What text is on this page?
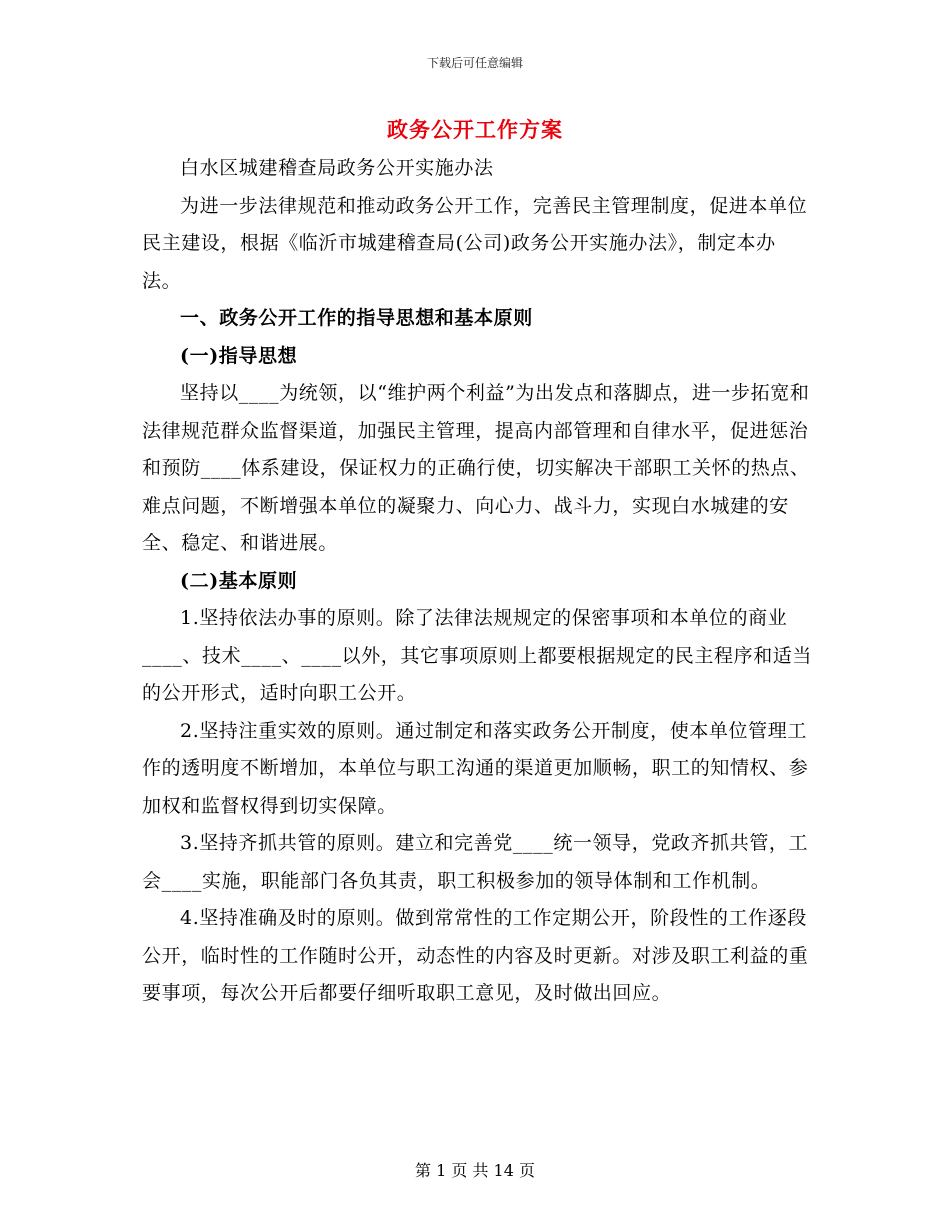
下载后可任意编辑
政务公开工作方案

白水区城建稽查局政务公开实施办法

为进一步法律规范和推动政务公开工作，完善民主管理制度，促进本单位民主建设，根据《临沂市城建稽查局(公司)政务公开实施办法》，制定本办法。

一、政务公开工作的指导思想和基本原则

(一)指导思想

坚持以____为统领，以“维护两个利益”为出发点和落脚点，进一步拓宽和法律规范群众监督渠道，加强民主管理，提高内部管理和自律水平，促进惩治和预防____体系建设，保证权力的正确行使，切实解决干部职工关怀的热点、难点问题，不断增强本单位的凝聚力、向心力、战斗力，实现白水城建的安全、稳定、和谐进展。

(二)基本原则

1.坚持依法办事的原则。除了法律法规规定的保密事项和本单位的商业____、技术____、____以外，其它事项原则上都要根据规定的民主程序和适当的公开形式，适时向职工公开。

2.坚持注重实效的原则。通过制定和落实政务公开制度，使本单位管理工作的透明度不断增加，本单位与职工沟通的渠道更加顺畅，职工的知情权、参加权和监督权得到切实保障。

3.坚持齐抓共管的原则。建立和完善党____统一领导，党政齐抓共管，工会____实施，职能部门各负其责，职工积极参加的领导体制和工作机制。

4.坚持准确及时的原则。做到常常性的工作定期公开，阶段性的工作逐段公开，临时性的工作随时公开，动态性的内容及时更新。对涉及职工利益的重要事项，每次公开后都要仔细听取职工意见，及时做出回应。

第 1 页 共 14 页
